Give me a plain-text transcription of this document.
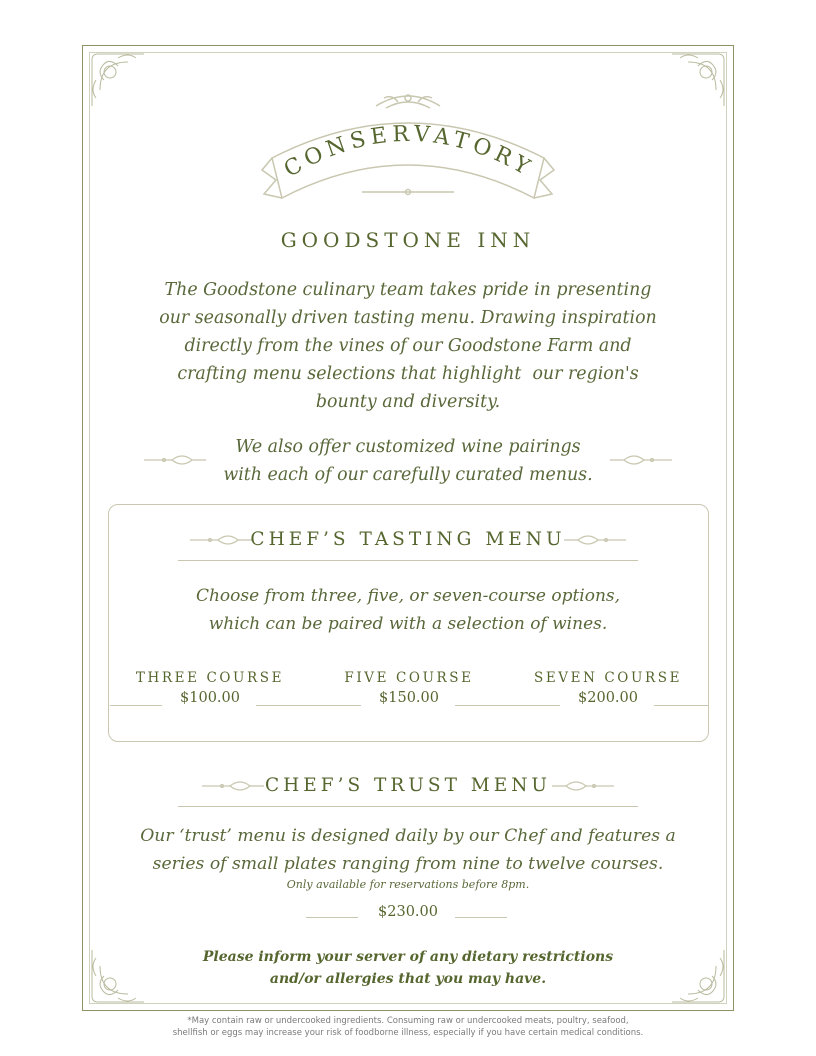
CONSERVATORY
GOODSTONE INN
The Goodstone culinary team takes pride in presenting
our seasonally driven tasting menu. Drawing inspiration
directly from the vines of our Goodstone Farm and
crafting menu selections that highlight  our region's
bounty and diversity.
We also offer customized wine pairings
with each of our carefully curated menus.
CHEF’S TASTING MENU
Choose from three, five, or seven-course options,
which can be paired with a selection of wines.
THREE COURSE
$100.00
FIVE COURSE
$150.00
SEVEN COURSE
$200.00
CHEF’S TRUST MENU
Our ‘trust’ menu is designed daily by our Chef and features a
series of small plates ranging from nine to twelve courses.
Only available for reservations before 8pm.
$230.00
Please inform your server of any dietary restrictions
and/or allergies that you may have.
*May contain raw or undercooked ingredients. Consuming raw or undercooked meats, poultry, seafood,
shellfish or eggs may increase your risk of foodborne illness, especially if you have certain medical conditions.
